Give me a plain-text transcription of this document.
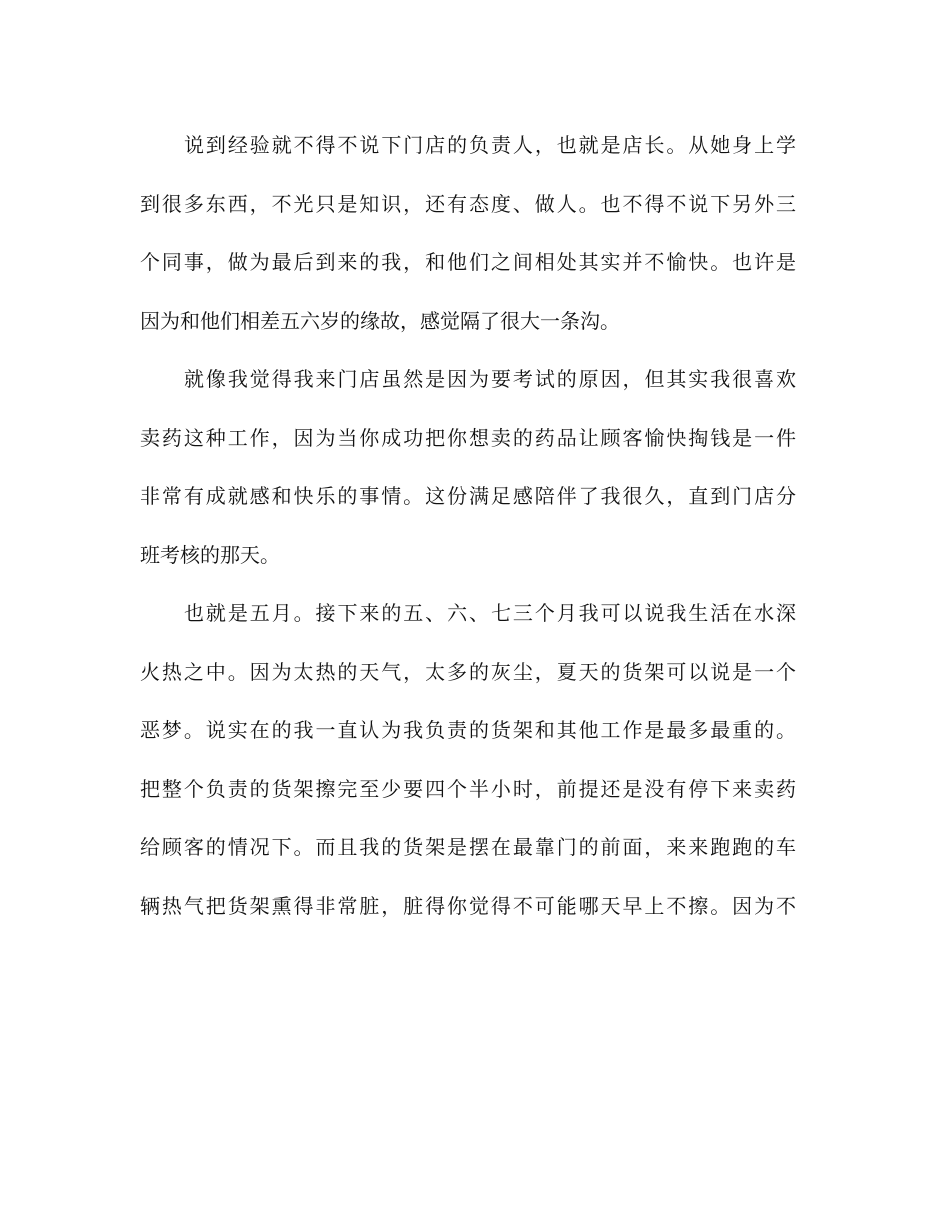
说到经验就不得不说下门店的负责人，也就是店长。从她身上学
到很多东西，不光只是知识，还有态度、做人。也不得不说下另外三
个同事，做为最后到来的我，和他们之间相处其实并不愉快。也许是
因为和他们相差五六岁的缘故，感觉隔了很大一条沟。
就像我觉得我来门店虽然是因为要考试的原因，但其实我很喜欢
卖药这种工作，因为当你成功把你想卖的药品让顾客愉快掏钱是一件
非常有成就感和快乐的事情。这份满足感陪伴了我很久，直到门店分
班考核的那天。
也就是五月。接下来的五、六、七三个月我可以说我生活在水深
火热之中。因为太热的天气，太多的灰尘，夏天的货架可以说是一个
恶梦。说实在的我一直认为我负责的货架和其他工作是最多最重的。
把整个负责的货架擦完至少要四个半小时，前提还是没有停下来卖药
给顾客的情况下。而且我的货架是摆在最靠门的前面，来来跑跑的车
辆热气把货架熏得非常脏，脏得你觉得不可能哪天早上不擦。因为不
